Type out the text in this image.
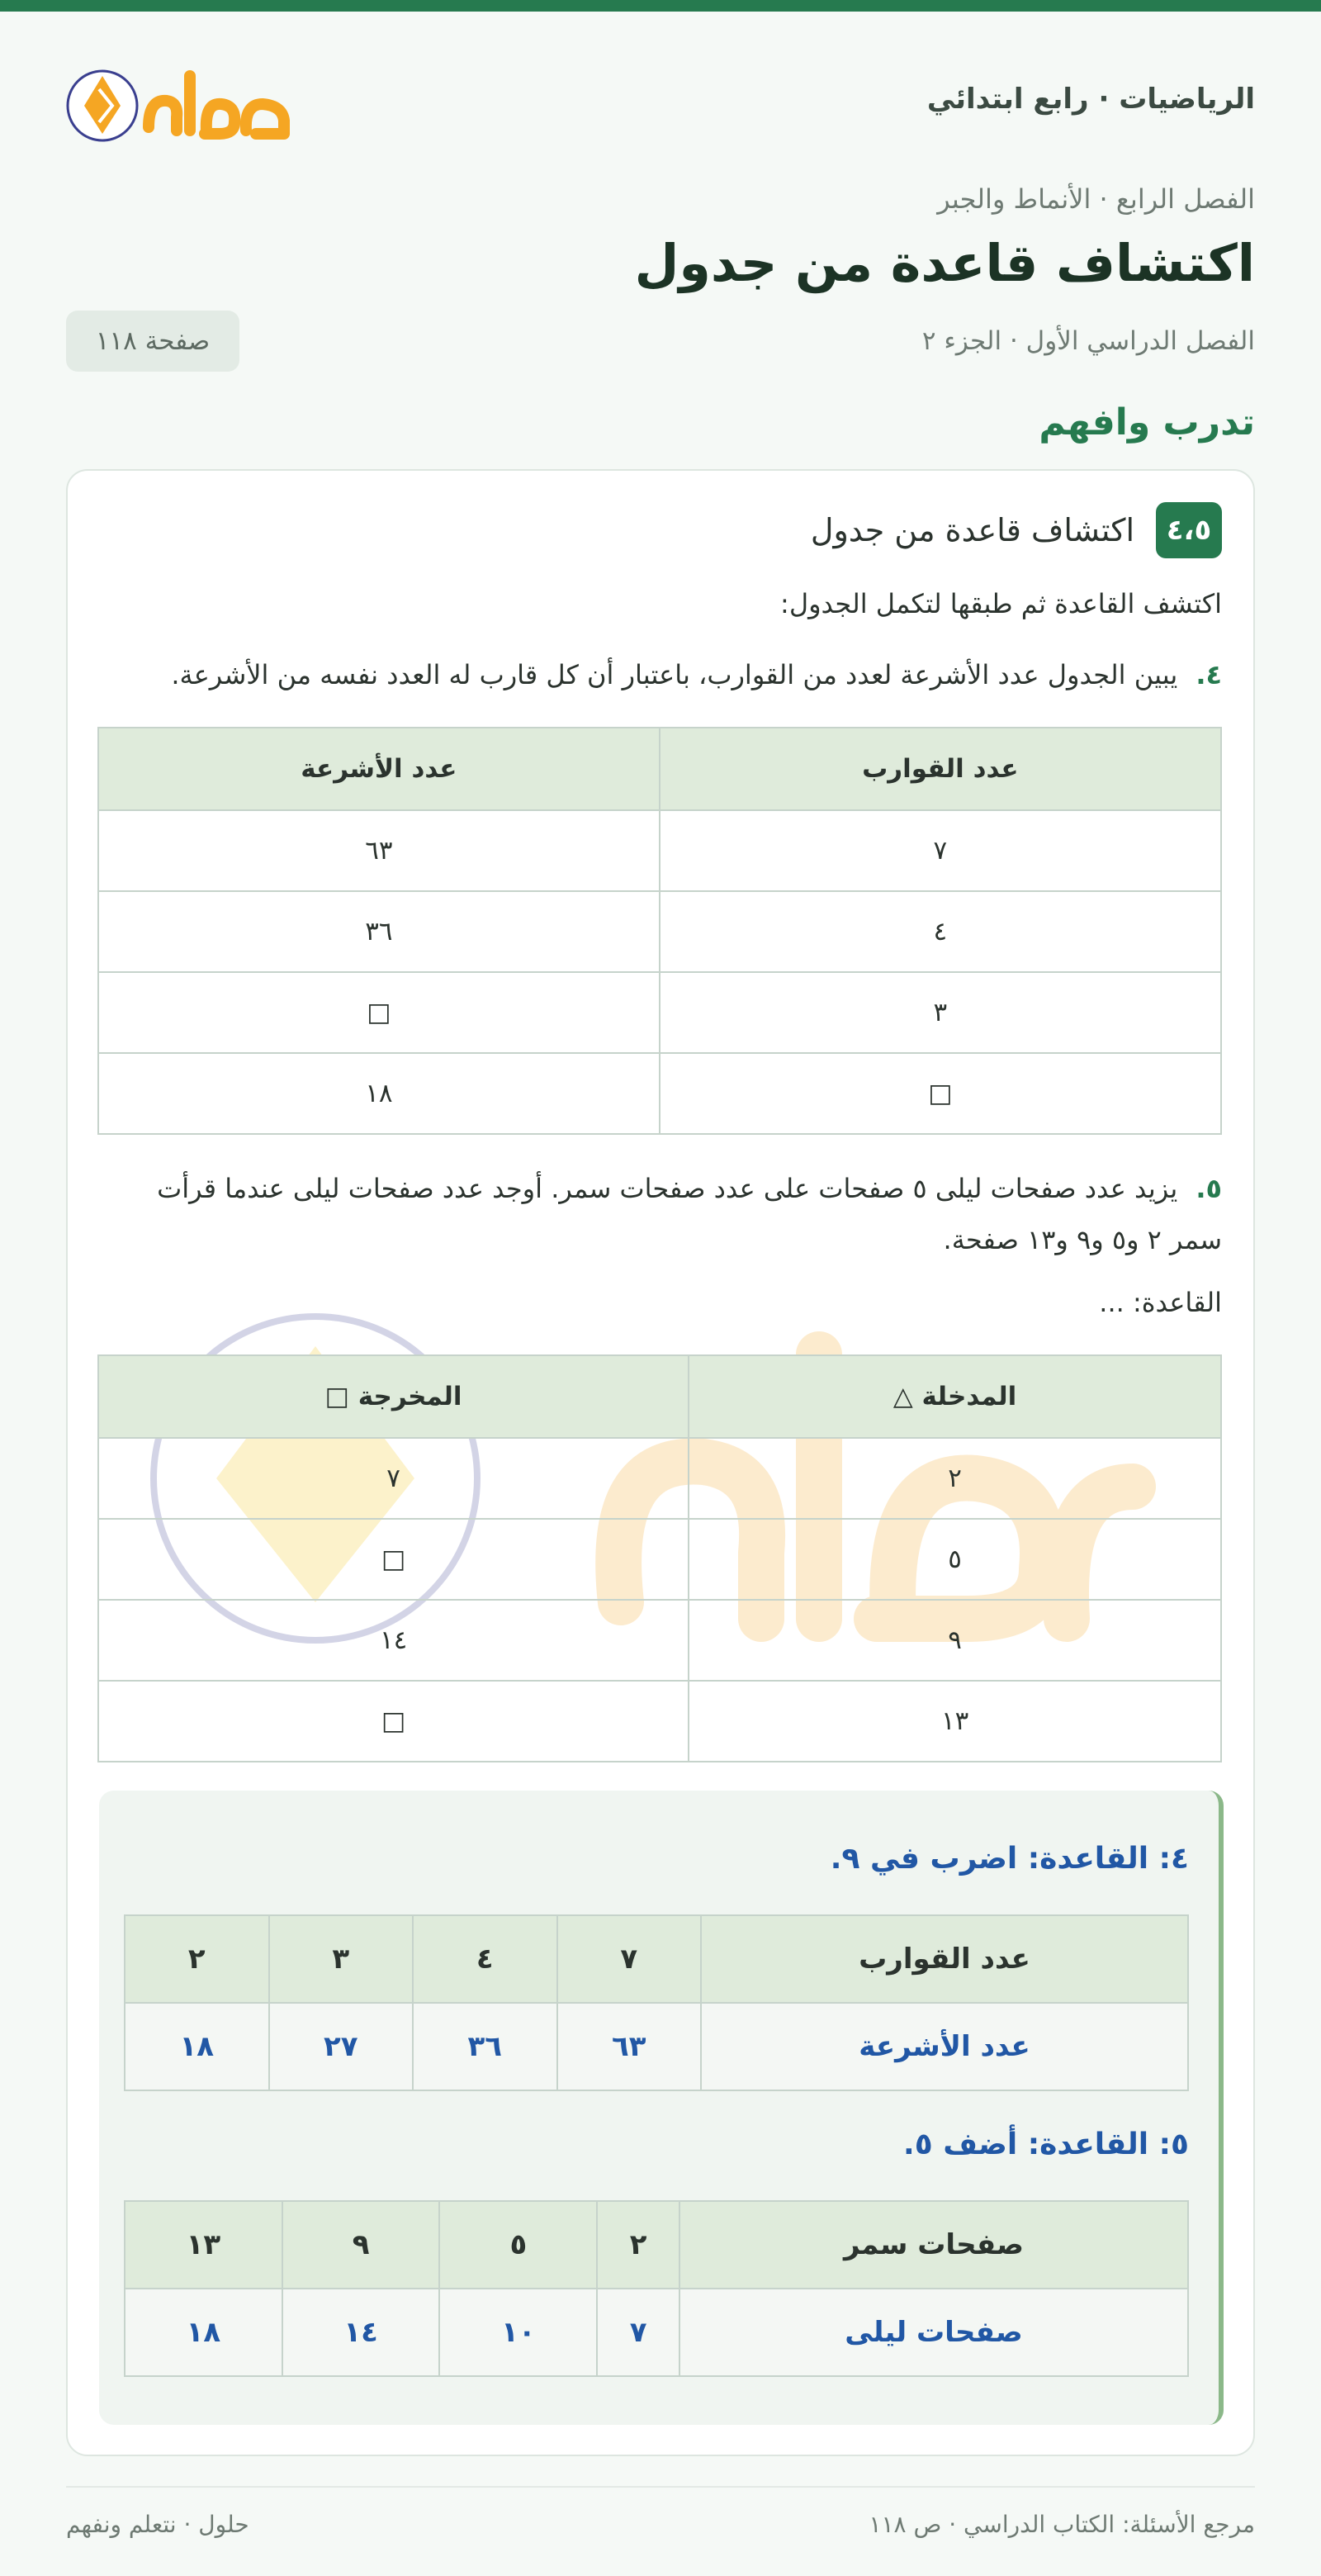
الرياضيات · رابع ابتدائي
الفصل الرابع · الأنماط والجبر
اكتشاف قاعدة من جدول
الفصل الدراسي الأول · الجزء ٢
صفحة ١١٨
تدرب وافهم
٤،٥
اكتشاف قاعدة من جدول
اكتشف القاعدة ثم طبقها لتكمل الجدول:
٤.يبين الجدول عدد الأشرعة لعدد من القوارب، باعتبار أن كل قارب له العدد نفسه من الأشرعة.
عدد القوارب	عدد الأشرعة
٧	٦٣
٤	٣٦
٣	□
□	١٨
٥.يزيد عدد صفحات ليلى ٥ صفحات على عدد صفحات سمر. أوجد عدد صفحات ليلى عندما قرأت سمر ٢ و٥ و٩ و١٣ صفحة.
القاعدة: ...
المدخلة △	المخرجة □
٢	٧
٥	□
٩	١٤
١٣	□
٤: القاعدة: اضرب في ٩.
عدد القوارب	٧	٤	٣	٢
عدد الأشرعة	٦٣	٣٦	٢٧	١٨
٥: القاعدة: أضف ٥.
صفحات سمر	٢	٥	٩	١٣
صفحات ليلى	٧	١٠	١٤	١٨
مرجع الأسئلة: الكتاب الدراسي · ص ١١٨
حلول · نتعلم ونفهم
